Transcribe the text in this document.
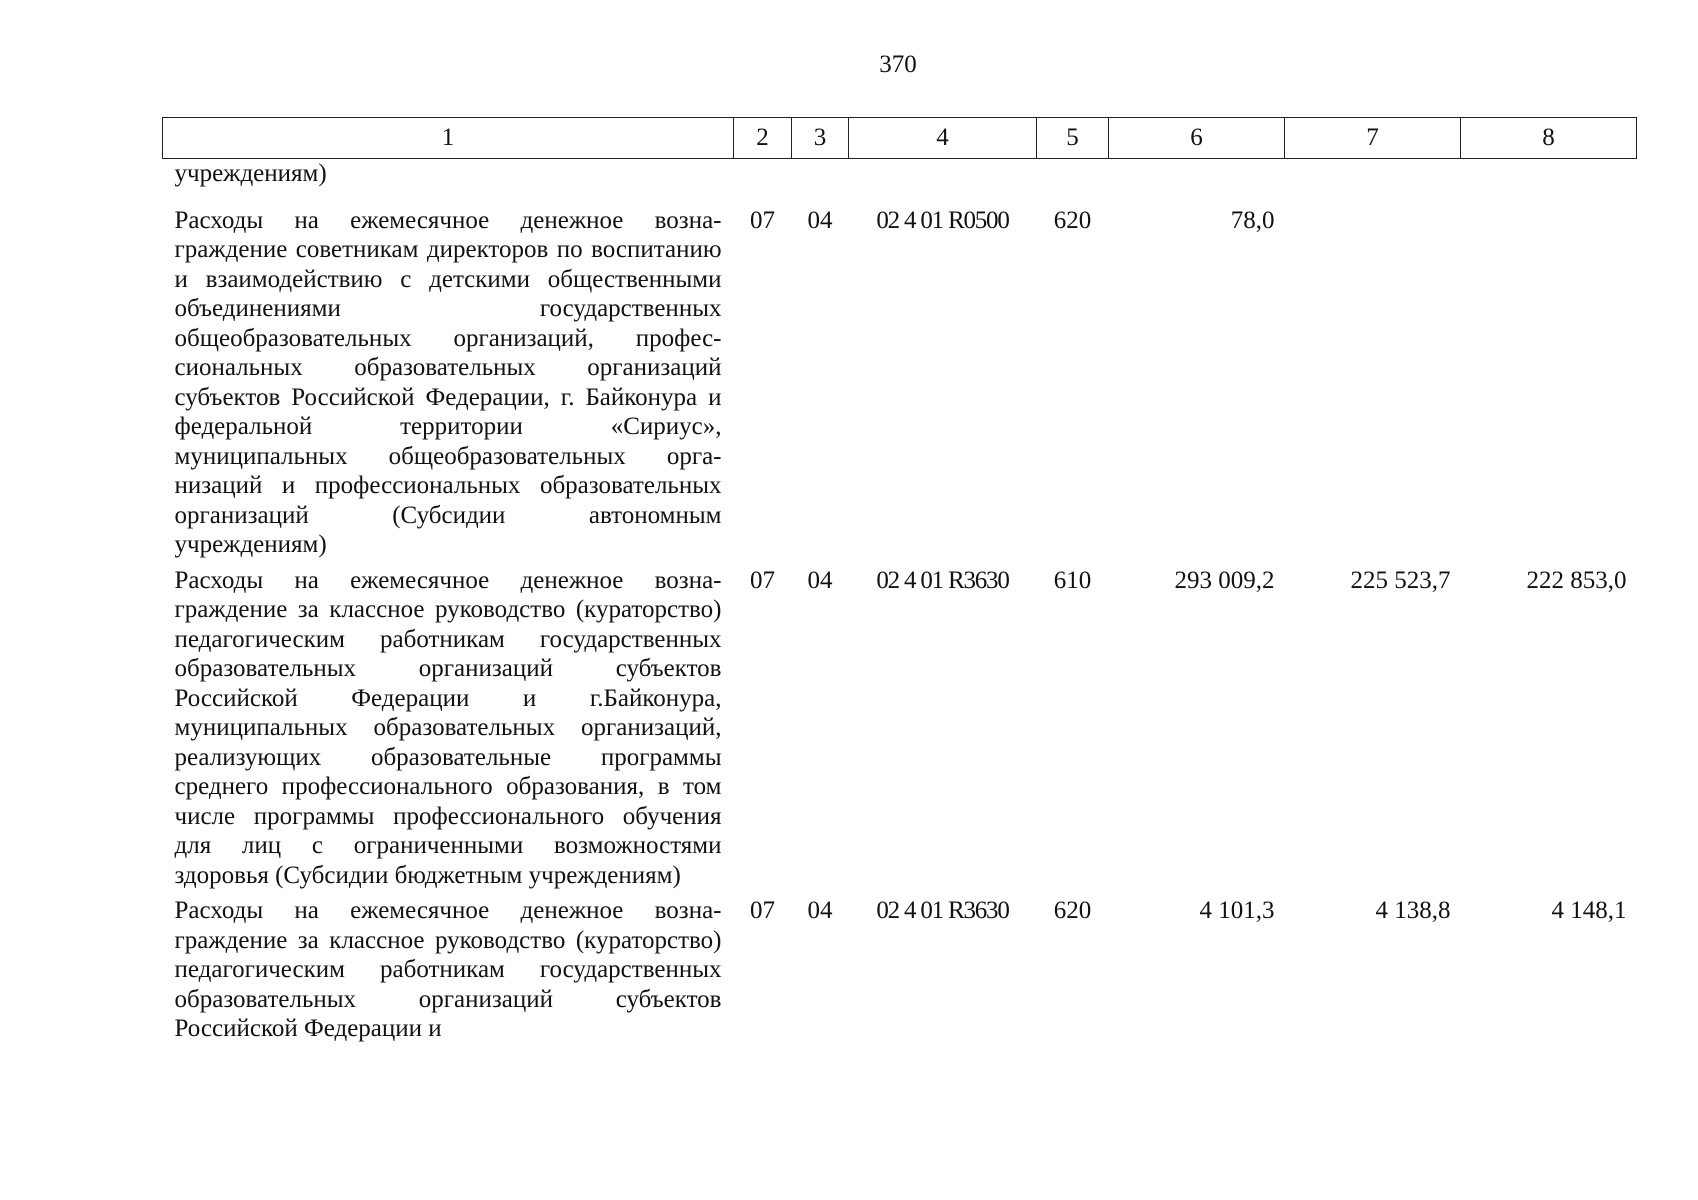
370
1	2	3	4	5	6	7	8
учреждениям)							
Расходы на ежемесячное денежное вознаграждение советникам директоров по воспитанию и взаимодействию с детскими общественными объединениями государственных общеобразовательных организаций, профессиональных образовательных организаций субъектов Российской Федерации, г. Байконура и федеральной территории «Сириус», муниципальных общеобразовательных организаций и профессиональных образовательных организаций (Субсидии автономным учреждениям)	07	04	02 4 01 R0500	620	78,0		
Расходы на ежемесячное денежное вознаграждение за классное руководство (кураторство) педагогическим работникам государственных образовательных организаций субъектов Российской Федерации и г.Байконура, муниципальных образовательных организаций, реализующих образовательные программы среднего профессионального образования, в том числе программы профессионального обучения для лиц с ограниченными возможностями здоровья (Субсидии бюджетным учреждениям)	07	04	02 4 01 R3630	610	293 009,2	225 523,7	222 853,0
Расходы на ежемесячное денежное вознаграждение за классное руководство (кураторство) педагогическим работникам государственных образовательных организаций субъектов Российской Федерации и	07	04	02 4 01 R3630	620	4 101,3	4 138,8	4 148,1
